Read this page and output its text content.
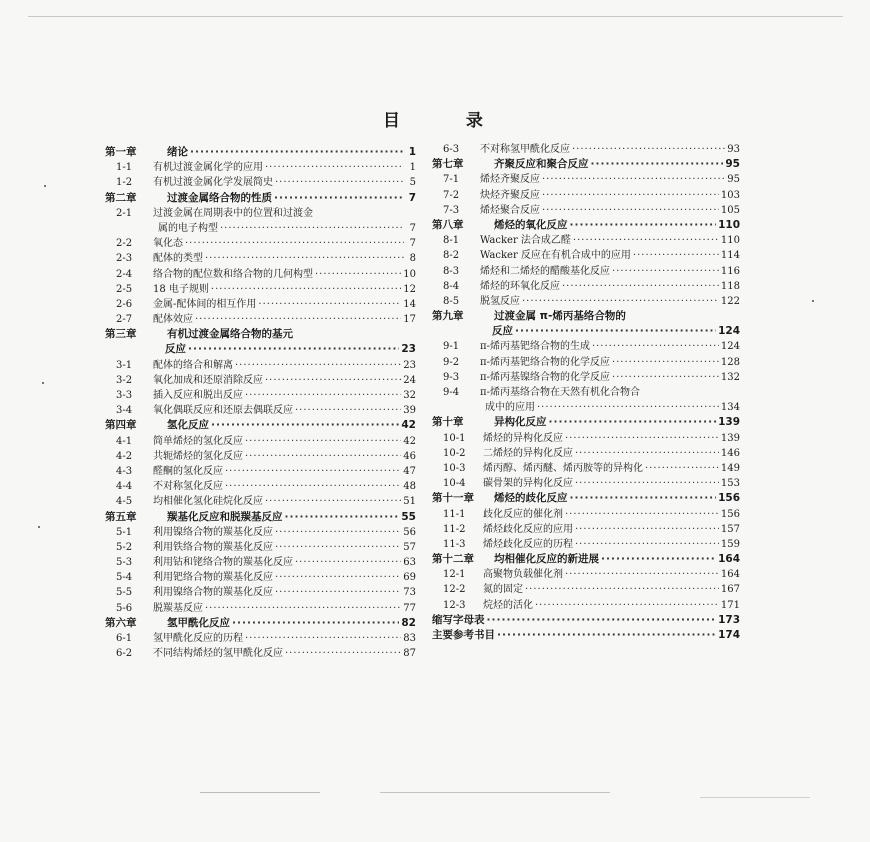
目 录
第一章	绪论 ·····	1
1-1	有机过渡金属化学的应用 ·····	1
1-2	有机过渡金属化学发展简史 ·····	5
第二章	过渡金属络合物的性质 ·····	7
2-1	过渡金属在周期表中的位置和过渡金
属的电子构型 ·····	7
2-2	氧化态 ·····	7
2-3	配体的类型 ·····	8
2-4	络合物的配位数和络合物的几何构型 ·····	10
2-5	18 电子规则 ·····	12
2-6	金属-配体间的相互作用 ·····	14
2-7	配体效应 ·····	17
第三章	有机过渡金属络合物的基元
反应 ·····	23
3-1	配体的络合和解离 ·····	23
3-2	氧化加成和还原消除反应 ·····	24
3-3	插入反应和脱出反应 ·····	32
3-4	氧化偶联反应和还原去偶联反应 ·····	39
第四章	氢化反应 ·····	42
4-1	简单烯烃的氢化反应 ·····	42
4-2	共轭烯烃的氢化反应 ·····	46
4-3	醛酮的氢化反应 ·····	47
4-4	不对称氢化反应 ·····	48
4-5	均相催化氢化硅烷化反应 ·····	51
第五章	羰基化反应和脱羰基反应 ·····	55
5-1	利用镍络合物的羰基化反应 ·····	56
5-2	利用铁络合物的羰基化反应 ·····	57
5-3	利用钴和铑络合物的羰基化反应 ·····	63
5-4	利用钯络合物的羰基化反应 ·····	69
5-5	利用镍络合物的羰基化反应 ·····	73
5-6	脱羰基反应 ·····	77
第六章	氢甲酰化反应 ·····	82
6-1	氢甲酰化反应的历程 ·····	83
6-2	不同结构烯烃的氢甲酰化反应 ·····	87
6-3	不对称氢甲酰化反应 ·····	93
第七章	齐聚反应和聚合反应 ·····	95
7-1	烯烃齐聚反应 ·····	95
7-2	炔烃齐聚反应 ·····	103
7-3	烯烃聚合反应 ·····	105
第八章	烯烃的氧化反应 ·····	110
8-1	Wacker 法合成乙醛 ·····	110
8-2	Wacker 反应在有机合成中的应用 ·····	114
8-3	烯烃和二烯烃的醋酸基化反应 ·····	116
8-4	烯烃的环氧化反应 ·····	118
8-5	脱氢反应 ·····	122
第九章	过渡金属 π-烯丙基络合物的
反应 ·····	124
9-1	π-烯丙基钯络合物的生成 ·····	124
9-2	π-烯丙基钯络合物的化学反应 ·····	128
9-3	π-烯丙基镍络合物的化学反应 ·····	132
9-4	π-烯丙基络合物在天然有机化合物合
成中的应用 ·····	134
第十章	异构化反应 ·····	139
10-1	烯烃的异构化反应 ·····	139
10-2	二烯烃的异构化反应 ·····	146
10-3	烯丙醇、烯丙醚、烯丙胺等的异构化 ·····	149
10-4	碳骨架的异构化反应 ·····	153
第十一章	烯烃的歧化反应 ·····	156
11-1	歧化反应的催化剂 ·····	156
11-2	烯烃歧化反应的应用 ·····	157
11-3	烯烃歧化反应的历程 ·····	159
第十二章	均相催化反应的新进展 ·····	164
12-1	高聚物负载催化剂 ·····	164
12-2	氮的固定 ·····	167
12-3	烷烃的活化 ·····	171
缩写字母表 ·····	173
主要参考书目 ·····	174
